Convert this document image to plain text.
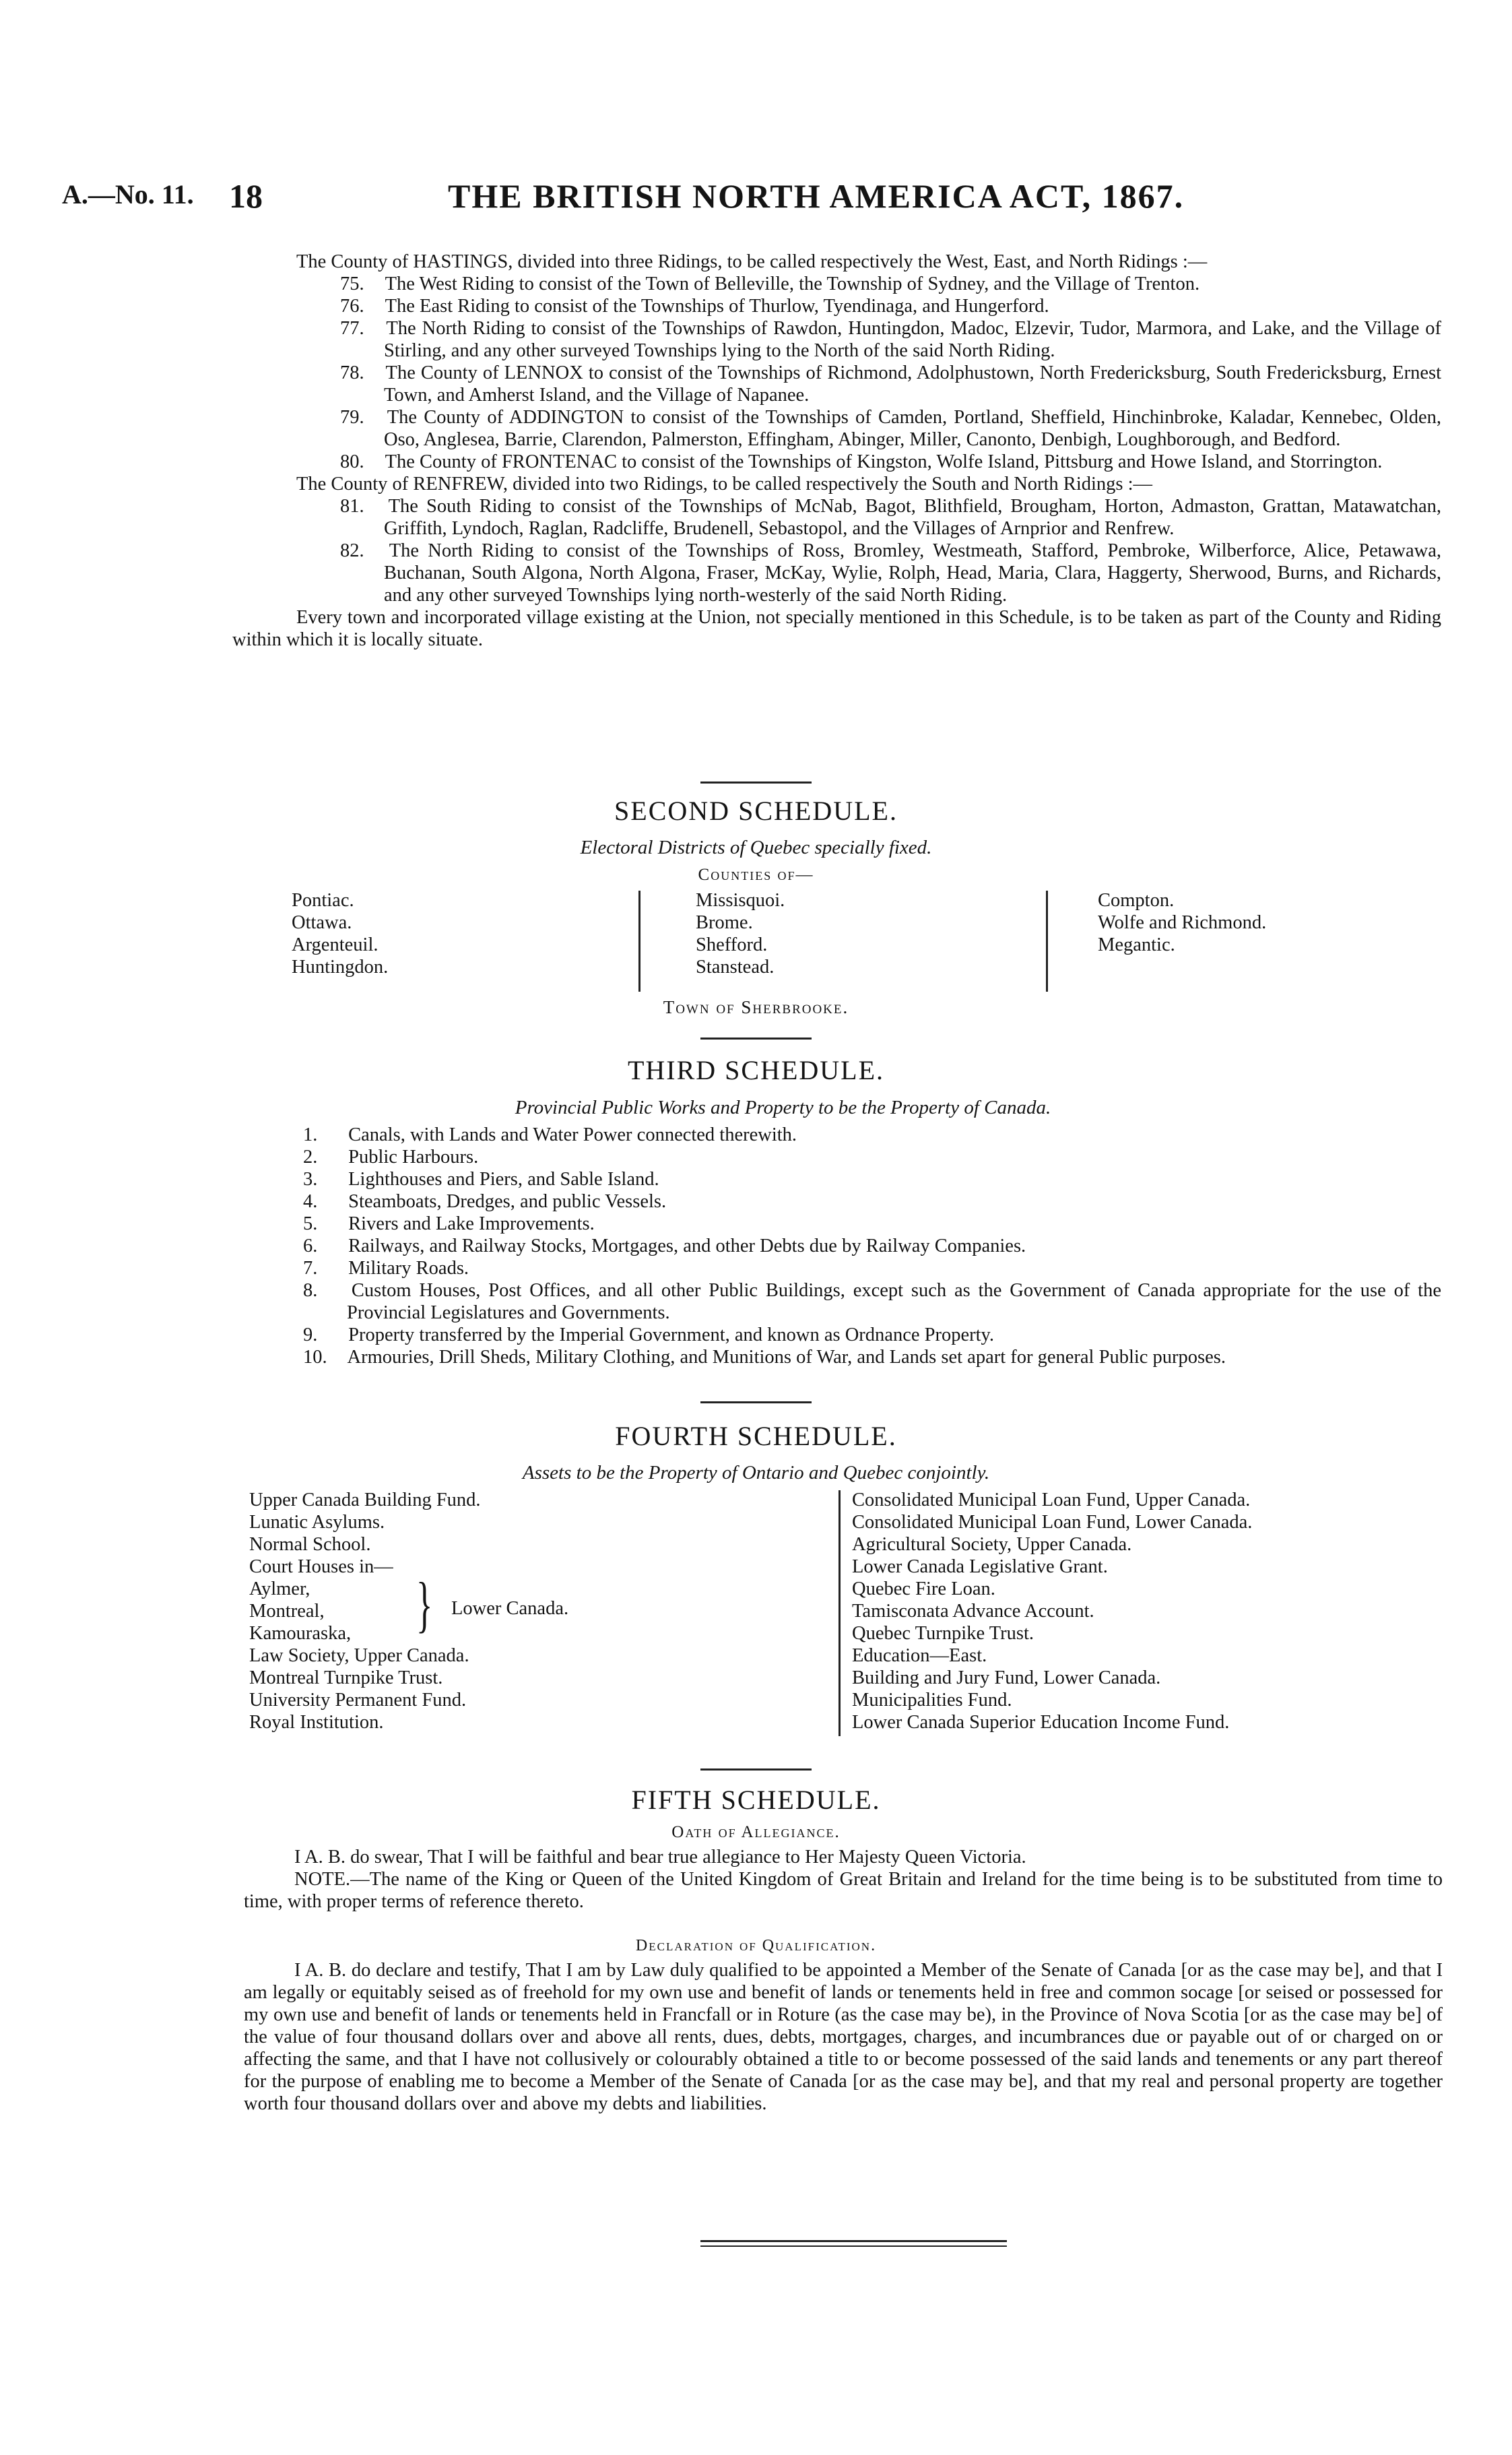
A.—No. 11. 18	THE BRITISH NORTH AMERICA ACT, 1867.

The County of HASTINGS, divided into three Ridings, to be called respectively the West, East, and North Ridings :—

75. The West Riding to consist of the Town of Belleville, the Township of Sydney, and the Village of Trenton.

76. The East Riding to consist of the Townships of Thurlow, Tyendinaga, and Hungerford.

77. The North Riding to consist of the Townships of Rawdon, Huntingdon, Madoc, Elzevir, Tudor, Marmora, and Lake, and the Village of Stirling, and any other surveyed Townships lying to the North of the said North Riding.

78. The County of LENNOX to consist of the Townships of Richmond, Adolphustown, North Fredericksburg, South Fredericksburg, Ernest Town, and Amherst Island, and the Village of Napanee.

79. The County of ADDINGTON to consist of the Townships of Camden, Portland, Sheffield, Hinchinbroke, Kaladar, Kennebec, Olden, Oso, Anglesea, Barrie, Clarendon, Palmerston, Effingham, Abinger, Miller, Canonto, Denbigh, Loughborough, and Bedford.

80. The County of FRONTENAC to consist of the Townships of Kingston, Wolfe Island, Pittsburg and Howe Island, and Storrington.

The County of RENFREW, divided into two Ridings, to be called respectively the South and North Ridings :—

81. The South Riding to consist of the Townships of McNab, Bagot, Blithfield, Brougham, Horton, Admaston, Grattan, Matawatchan, Griffith, Lyndoch, Raglan, Radcliffe, Brudenell, Sebastopol, and the Villages of Arnprior and Renfrew.

82. The North Riding to consist of the Townships of Ross, Bromley, Westmeath, Stafford, Pembroke, Wilberforce, Alice, Petawawa, Buchanan, South Algona, North Algona, Fraser, McKay, Wylie, Rolph, Head, Maria, Clara, Haggerty, Sherwood, Burns, and Richards, and any other surveyed Townships lying north-westerly of the said North Riding.

Every town and incorporated village existing at the Union, not specially mentioned in this Schedule, is to be taken as part of the County and Riding within which it is locally situate.

SECOND SCHEDULE.
Electoral Districts of Quebec specially fixed.
Counties of—
Pontiac.
Ottawa.
Argenteuil.
Huntingdon.
Missisquoi.
Brome.
Shefford.
Stanstead.
Compton.
Wolfe and Richmond.
Megantic.
Town of Sherbrooke.
THIRD SCHEDULE.
Provincial Public Works and Property to be the Property of Canada.

1. Canals, with Lands and Water Power connected therewith.

2. Public Harbours.

3. Lighthouses and Piers, and Sable Island.

4. Steamboats, Dredges, and public Vessels.

5. Rivers and Lake Improvements.

6. Railways, and Railway Stocks, Mortgages, and other Debts due by Railway Companies.

7. Military Roads.

8. Custom Houses, Post Offices, and all other Public Buildings, except such as the Government of Canada appropriate for the use of the Provincial Legislatures and Governments.

9. Property transferred by the Imperial Government, and known as Ordnance Property.

10. Armouries, Drill Sheds, Military Clothing, and Munitions of War, and Lands set apart for general Public purposes.

FOURTH SCHEDULE.
Assets to be the Property of Ontario and Quebec conjointly.
Upper Canada Building Fund.
Lunatic Asylums.
Normal School.
Court Houses in—
Aylmer,
Montreal,
Kamouraska,	} Lower Canada.
Law Society, Upper Canada.
Montreal Turnpike Trust.
University Permanent Fund.
Royal Institution.
Consolidated Municipal Loan Fund, Upper Canada.
Consolidated Municipal Loan Fund, Lower Canada.
Agricultural Society, Upper Canada.
Lower Canada Legislative Grant.
Quebec Fire Loan.
Tamisconata Advance Account.
Quebec Turnpike Trust.
Education—East.
Building and Jury Fund, Lower Canada.
Municipalities Fund.
Lower Canada Superior Education Income Fund.
FIFTH SCHEDULE.
Oath of Allegiance.

I A. B. do swear, That I will be faithful and bear true allegiance to Her Majesty Queen Victoria.

NOTE.—The name of the King or Queen of the United Kingdom of Great Britain and Ireland for the time being is to be substituted from time to time, with proper terms of reference thereto.

Declaration of Qualification.

I A. B. do declare and testify, That I am by Law duly qualified to be appointed a Member of the Senate of Canada [or as the case may be], and that I am legally or equitably seised as of freehold for my own use and benefit of lands or tenements held in free and common socage [or seised or possessed for my own use and benefit of lands or tenements held in Francfall or in Roture (as the case may be), in the Province of Nova Scotia [or as the case may be] of the value of four thousand dollars over and above all rents, dues, debts, mortgages, charges, and incumbrances due or payable out of or charged on or affecting the same, and that I have not collusively or colourably obtained a title to or become possessed of the said lands and tenements or any part thereof for the purpose of enabling me to become a Member of the Senate of Canada [or as the case may be], and that my real and personal property are together worth four thousand dollars over and above my debts and liabilities.
